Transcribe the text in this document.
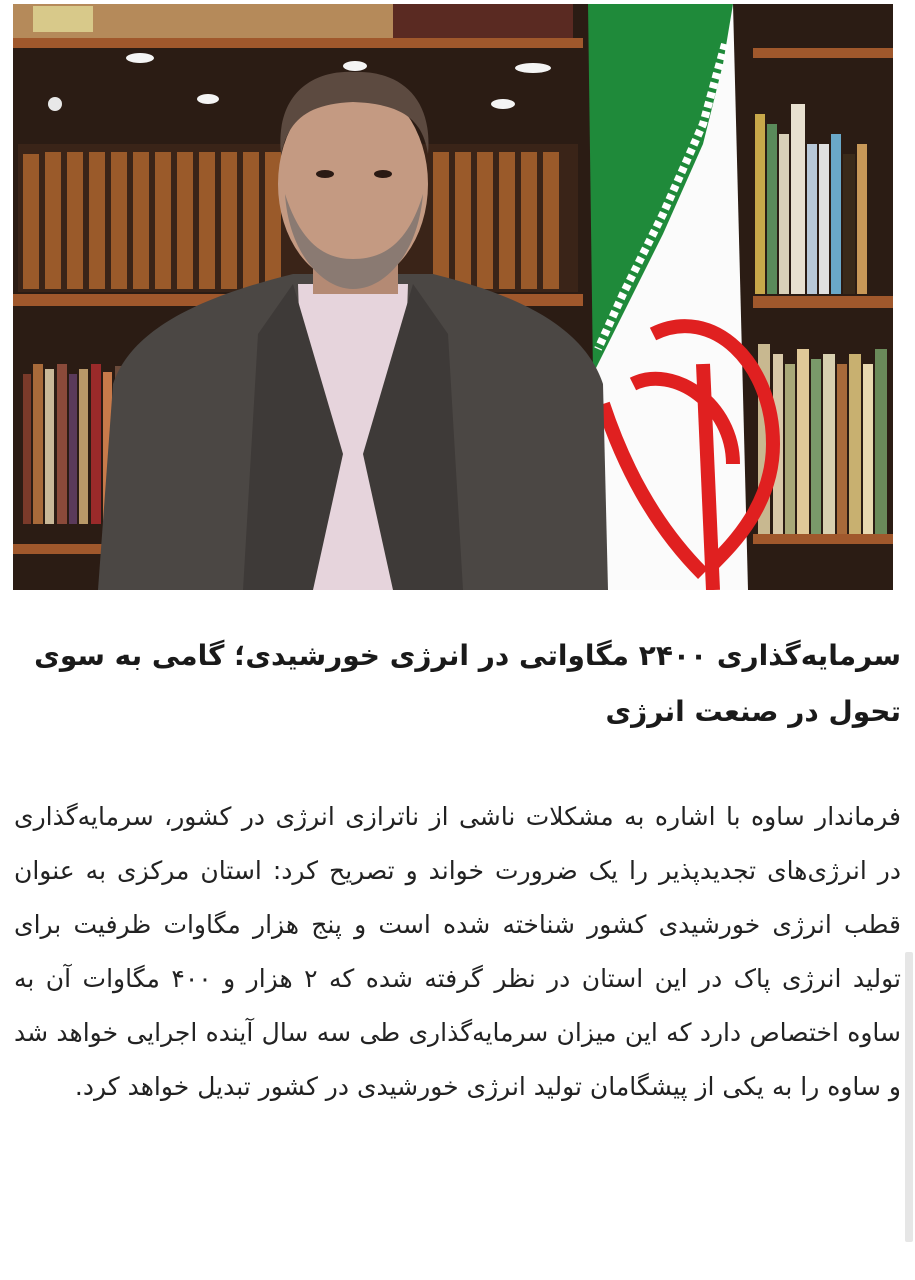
سرمایه‌گذاری ۲۴۰۰ مگاواتی در انرژی خورشیدی؛ گامی به سوی تحول در صنعت انرژی

فرماندار ساوه با اشاره به مشکلات ناشی از ناترازی انرژی در کشور، سرمایه‌گذاری در انرژی‌های تجدیدپذیر را یک ضرورت خواند و تصریح کرد: استان مرکزی به عنوان قطب انرژی خورشیدی کشور شناخته شده است و پنج هزار مگاوات ظرفیت برای تولید انرژی پاک در این استان در نظر گرفته شده که ۲ هزار و ۴۰۰ مگاوات آن به ساوه اختصاص دارد که این میزان سرمایه‌گذاری طی سه سال آینده اجرایی خواهد شد و ساوه را به یکی از پیشگامان تولید انرژی خورشیدی در کشور تبدیل خواهد کرد.
